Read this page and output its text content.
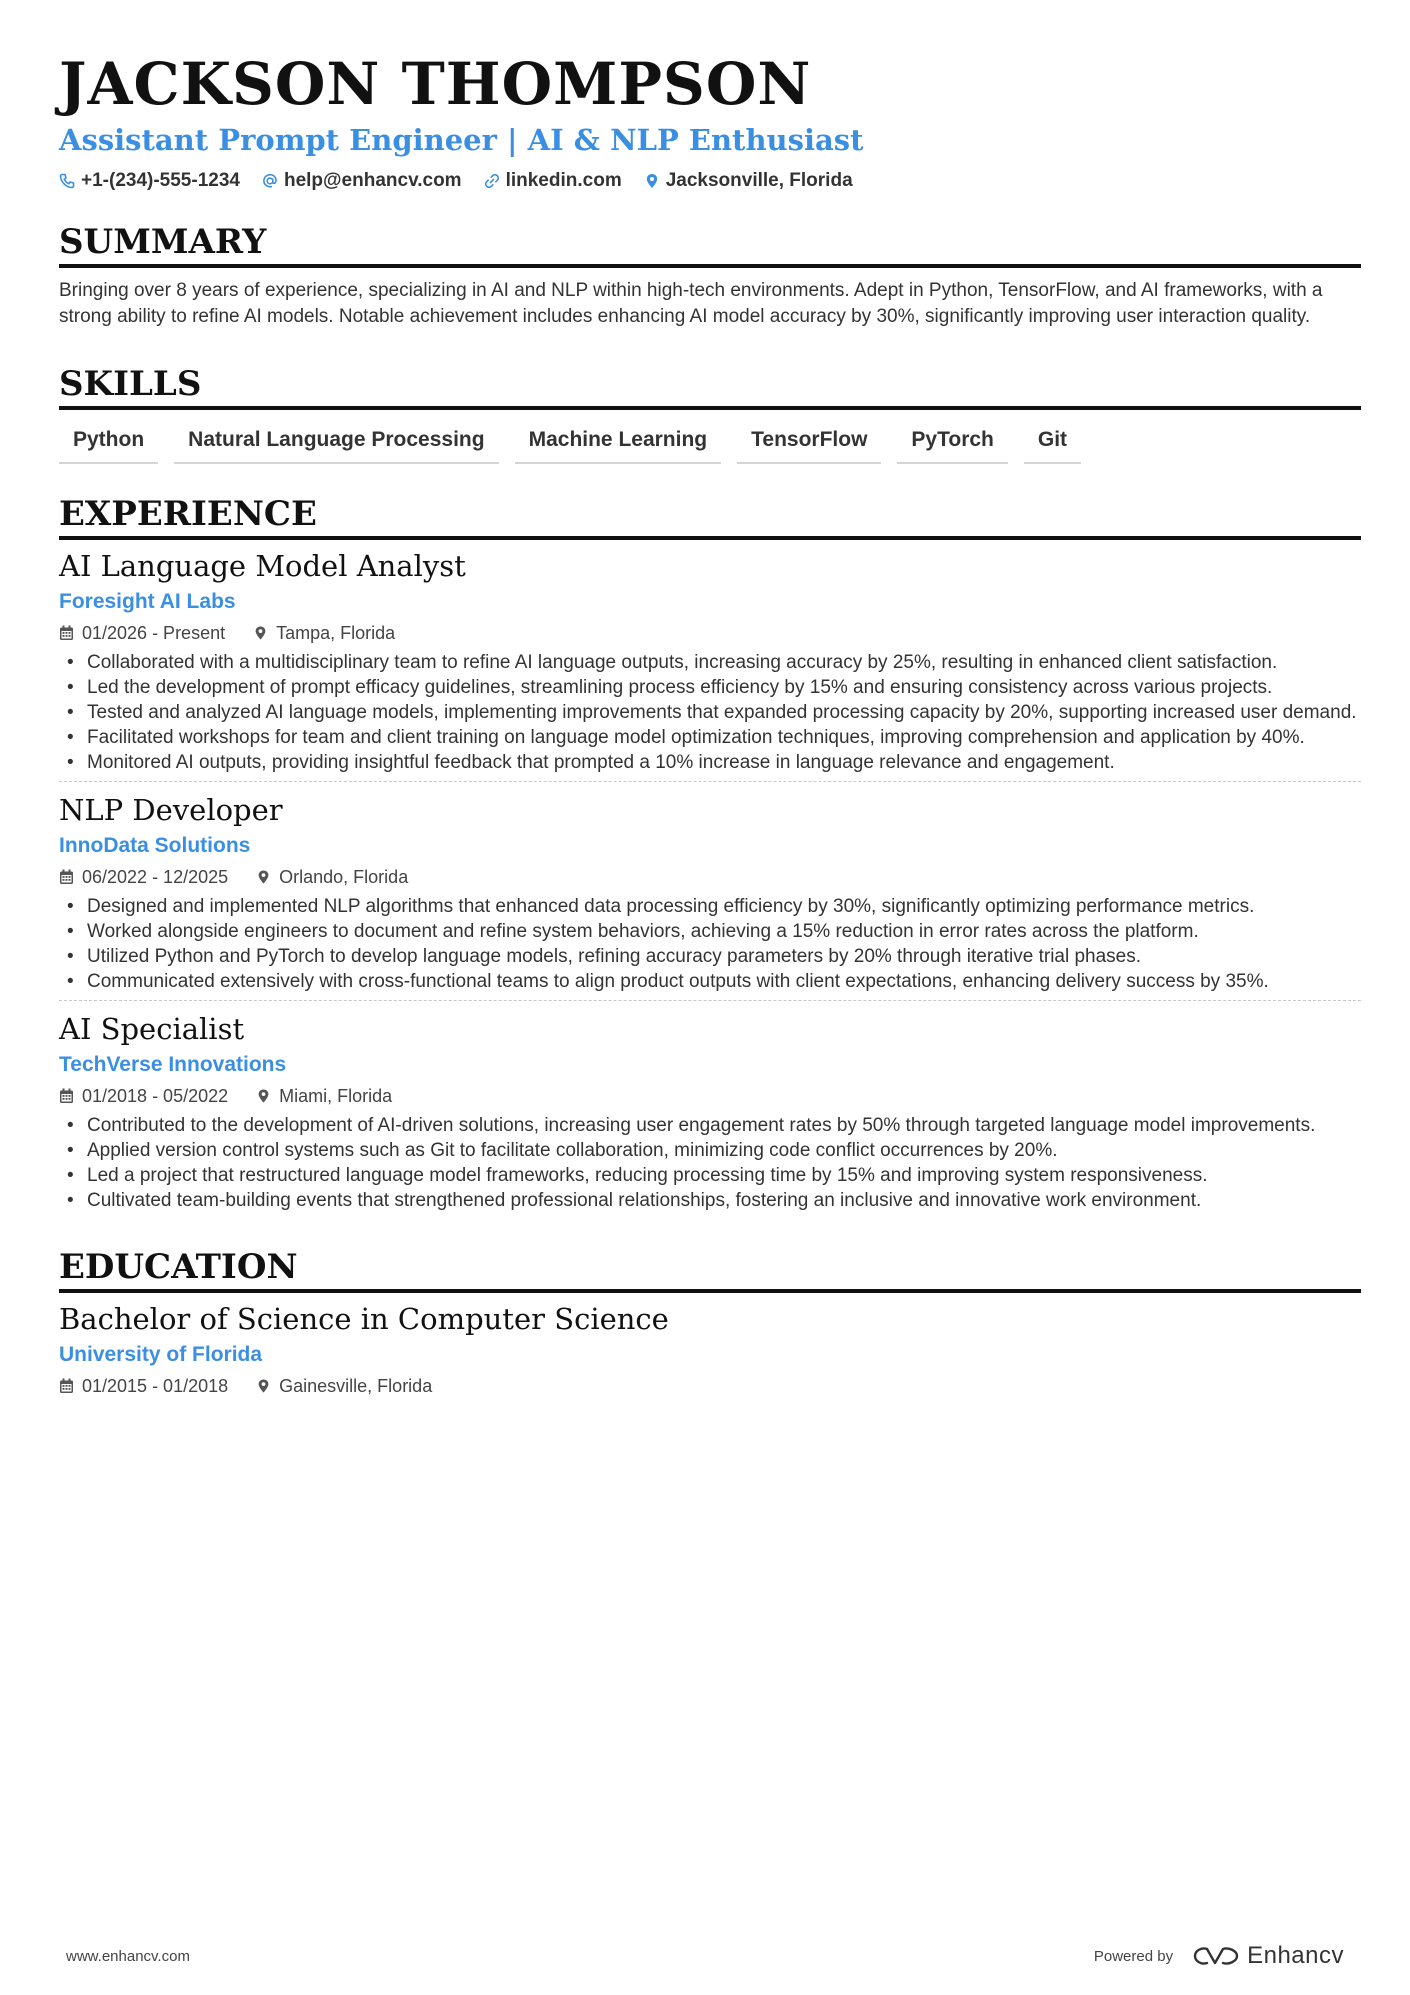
JACKSON THOMPSON
Assistant Prompt Engineer | AI & NLP Enthusiast
+1-(234)-555-1234 help@enhancv.com linkedin.com Jacksonville, Florida
SUMMARY
Bringing over 8 years of experience, specializing in AI and NLP within high-tech environments. Adept in Python, TensorFlow, and AI frameworks, with a strong ability to refine AI models. Notable achievement includes enhancing AI model accuracy by 30%, significantly improving user interaction quality.
SKILLS
Python	Natural Language Processing	Machine Learning	TensorFlow	PyTorch	Git
EXPERIENCE
AI Language Model Analyst
Foresight AI Labs
01/2026 - Present	Tampa, Florida
• Collaborated with a multidisciplinary team to refine AI language outputs, increasing accuracy by 25%, resulting in enhanced client satisfaction.
• Led the development of prompt efficacy guidelines, streamlining process efficiency by 15% and ensuring consistency across various projects.
• Tested and analyzed AI language models, implementing improvements that expanded processing capacity by 20%, supporting increased user demand.
• Facilitated workshops for team and client training on language model optimization techniques, improving comprehension and application by 40%.
• Monitored AI outputs, providing insightful feedback that prompted a 10% increase in language relevance and engagement.
NLP Developer
InnoData Solutions
06/2022 - 12/2025	Orlando, Florida
• Designed and implemented NLP algorithms that enhanced data processing efficiency by 30%, significantly optimizing performance metrics.
• Worked alongside engineers to document and refine system behaviors, achieving a 15% reduction in error rates across the platform.
• Utilized Python and PyTorch to develop language models, refining accuracy parameters by 20% through iterative trial phases.
• Communicated extensively with cross-functional teams to align product outputs with client expectations, enhancing delivery success by 35%.
AI Specialist
TechVerse Innovations
01/2018 - 05/2022	Miami, Florida
• Contributed to the development of AI-driven solutions, increasing user engagement rates by 50% through targeted language model improvements.
• Applied version control systems such as Git to facilitate collaboration, minimizing code conflict occurrences by 20%.
• Led a project that restructured language model frameworks, reducing processing time by 15% and improving system responsiveness.
• Cultivated team-building events that strengthened professional relationships, fostering an inclusive and innovative work environment.
EDUCATION
Bachelor of Science in Computer Science
University of Florida
01/2015 - 01/2018	Gainesville, Florida
www.enhancv.com	Powered by	Enhancv
